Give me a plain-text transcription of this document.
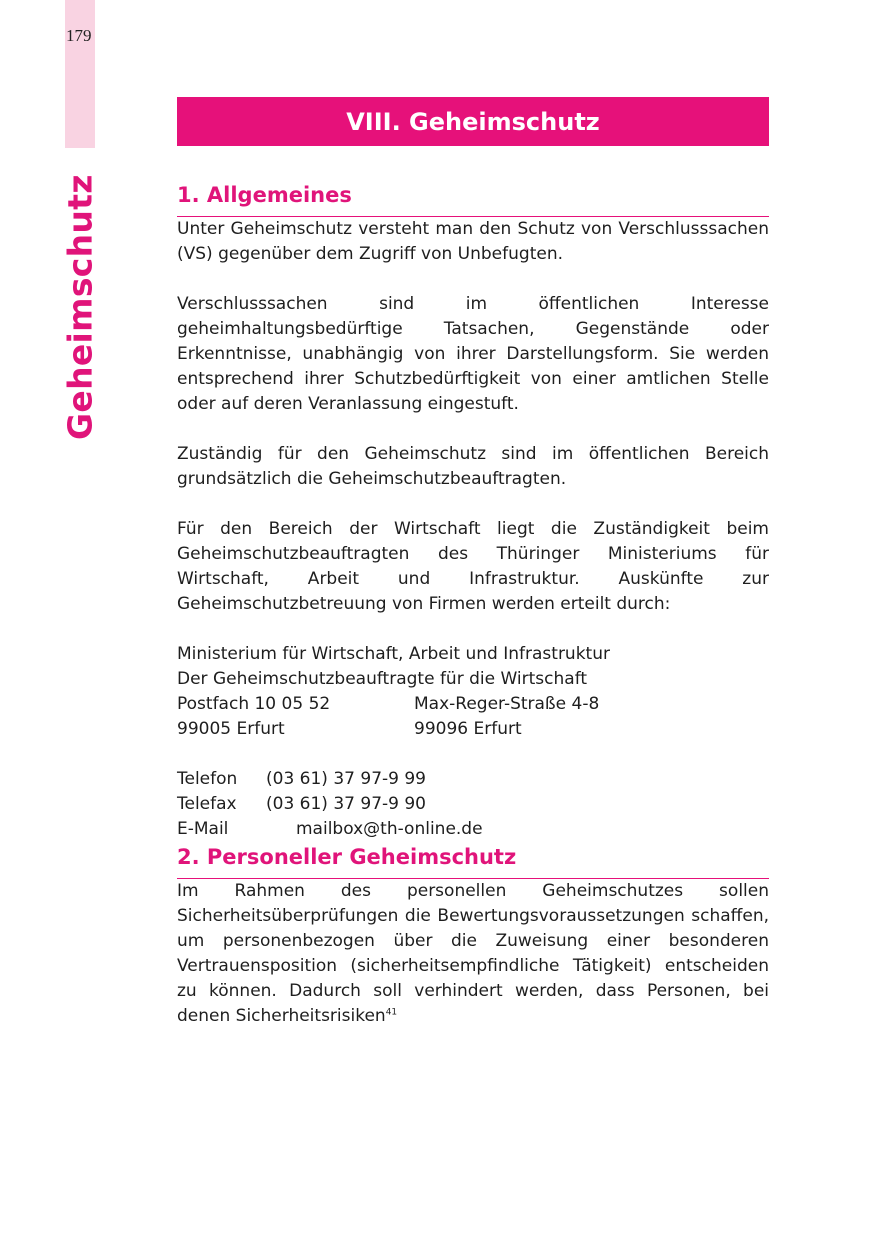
179
Geheimschutz
VIII. Geheimschutz
1. Allgemeines

Unter Geheimschutz versteht man den Schutz von Verschlusssachen (VS) gegenüber dem Zugriff von Unbefugten.

Verschlusssachen sind im öffentlichen Interesse geheimhaltungsbedürftige Tatsachen, Gegenstände oder Erkenntnisse, unabhängig von ihrer Darstellungsform. Sie werden entsprechend ihrer Schutzbedürftigkeit von einer amtlichen Stelle oder auf deren Veranlassung eingestuft.

Zuständig für den Geheimschutz sind im öffentlichen Bereich grundsätzlich die Geheimschutzbeauftragten.

Für den Bereich der Wirtschaft liegt die Zuständigkeit beim Geheimschutzbeauftragten des Thüringer Ministeriums für Wirtschaft, Arbeit und Infrastruktur. Auskünfte zur Geheimschutzbetreuung von Firmen werden erteilt durch:

Ministerium für Wirtschaft, Arbeit und Infrastruktur
Der Geheimschutzbeauftragte für die Wirtschaft
Postfach 10 05 52	Max-Reger-Straße 4-8
99005 Erfurt	99096 Erfurt
Telefon	(03 61) 37 97-9 99
Telefax	(03 61) 37 97-9 90
E-Mail	mailbox@th-online.de
2. Personeller Geheimschutz

Im Rahmen des personellen Geheimschutzes sollen Sicherheitsüberprüfungen die Bewertungsvoraussetzungen schaffen, um personenbezogen über die Zuweisung einer besonderen Vertrauensposition (sicherheitsempfindliche Tätigkeit) entscheiden zu können. Dadurch soll verhindert werden, dass Personen, bei denen Sicherheitsrisiken$^{41}$
